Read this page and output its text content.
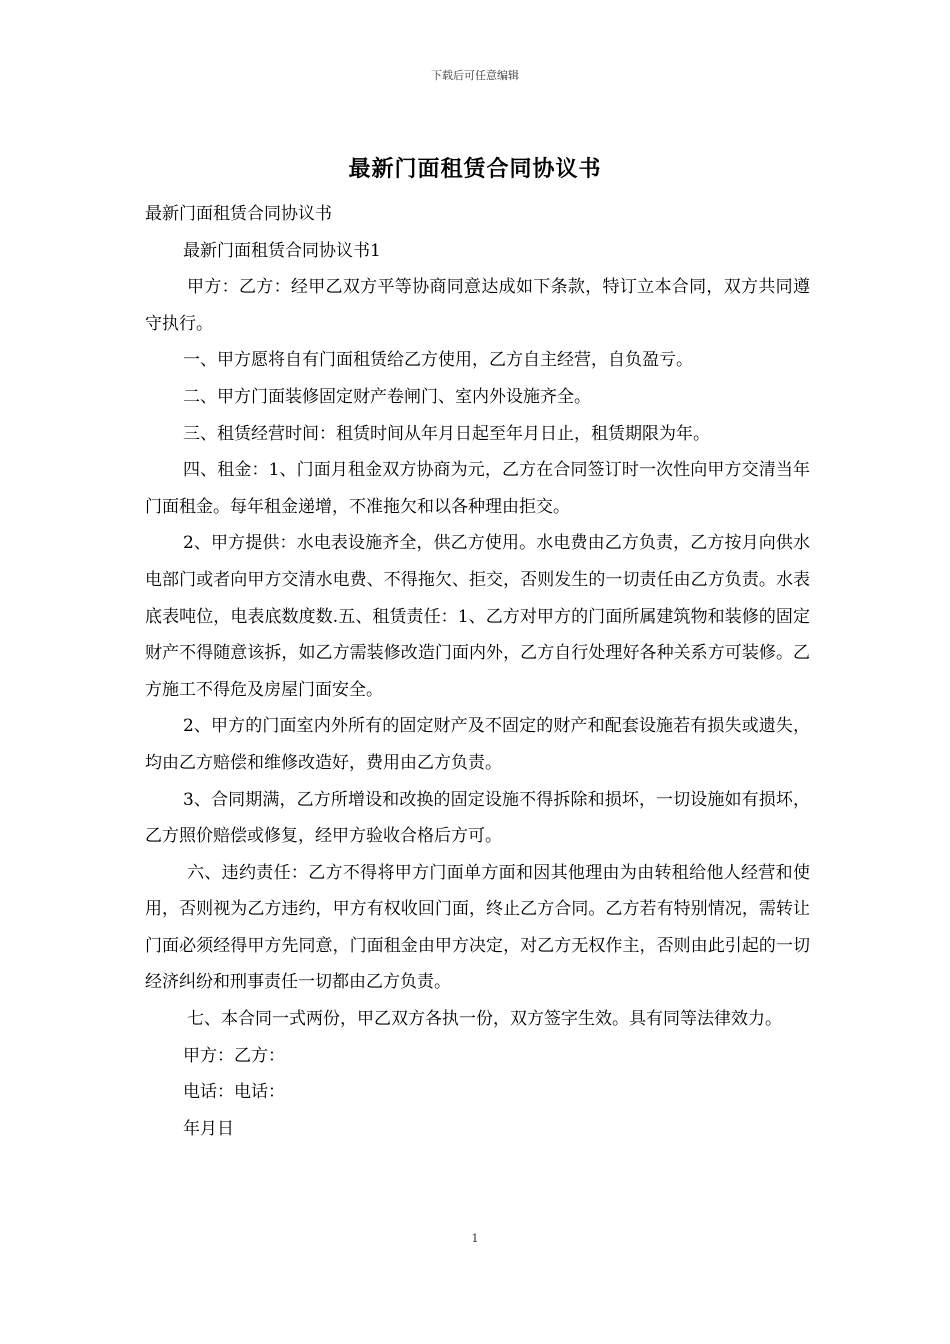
下载后可任意编辑
最新门面租赁合同协议书

最新门面租赁合同协议书

最新门面租赁合同协议书1

甲方：乙方：经甲乙双方平等协商同意达成如下条款，特订立本合同，双方共同遵守执行。

一、甲方愿将自有门面租赁给乙方使用，乙方自主经营，自负盈亏。

二、甲方门面装修固定财产卷闸门、室内外设施齐全。

三、租赁经营时间：租赁时间从年月日起至年月日止，租赁期限为年。

四、租金：1、门面月租金双方协商为元，乙方在合同签订时一次性向甲方交清当年门面租金。每年租金递增，不准拖欠和以各种理由拒交。

2、甲方提供：水电表设施齐全，供乙方使用。水电费由乙方负责，乙方按月向供水电部门或者向甲方交清水电费、不得拖欠、拒交，否则发生的一切责任由乙方负责。水表底表吨位，电表底数度数.五、租赁责任：1、乙方对甲方的门面所属建筑物和装修的固定财产不得随意该拆，如乙方需装修改造门面内外，乙方自行处理好各种关系方可装修。乙方施工不得危及房屋门面安全。

2、甲方的门面室内外所有的固定财产及不固定的财产和配套设施若有损失或遗失，均由乙方赔偿和维修改造好，费用由乙方负责。

3、合同期满，乙方所增设和改换的固定设施不得拆除和损坏，一切设施如有损坏，乙方照价赔偿或修复，经甲方验收合格后方可。

六、违约责任：乙方不得将甲方门面单方面和因其他理由为由转租给他人经营和使用，否则视为乙方违约，甲方有权收回门面，终止乙方合同。乙方若有特别情况，需转让门面必须经得甲方先同意，门面租金由甲方决定，对乙方无权作主，否则由此引起的一切经济纠纷和刑事责任一切都由乙方负责。

七、本合同一式两份，甲乙双方各执一份，双方签字生效。具有同等法律效力。

甲方：乙方：

电话：电话：

年月日

1
